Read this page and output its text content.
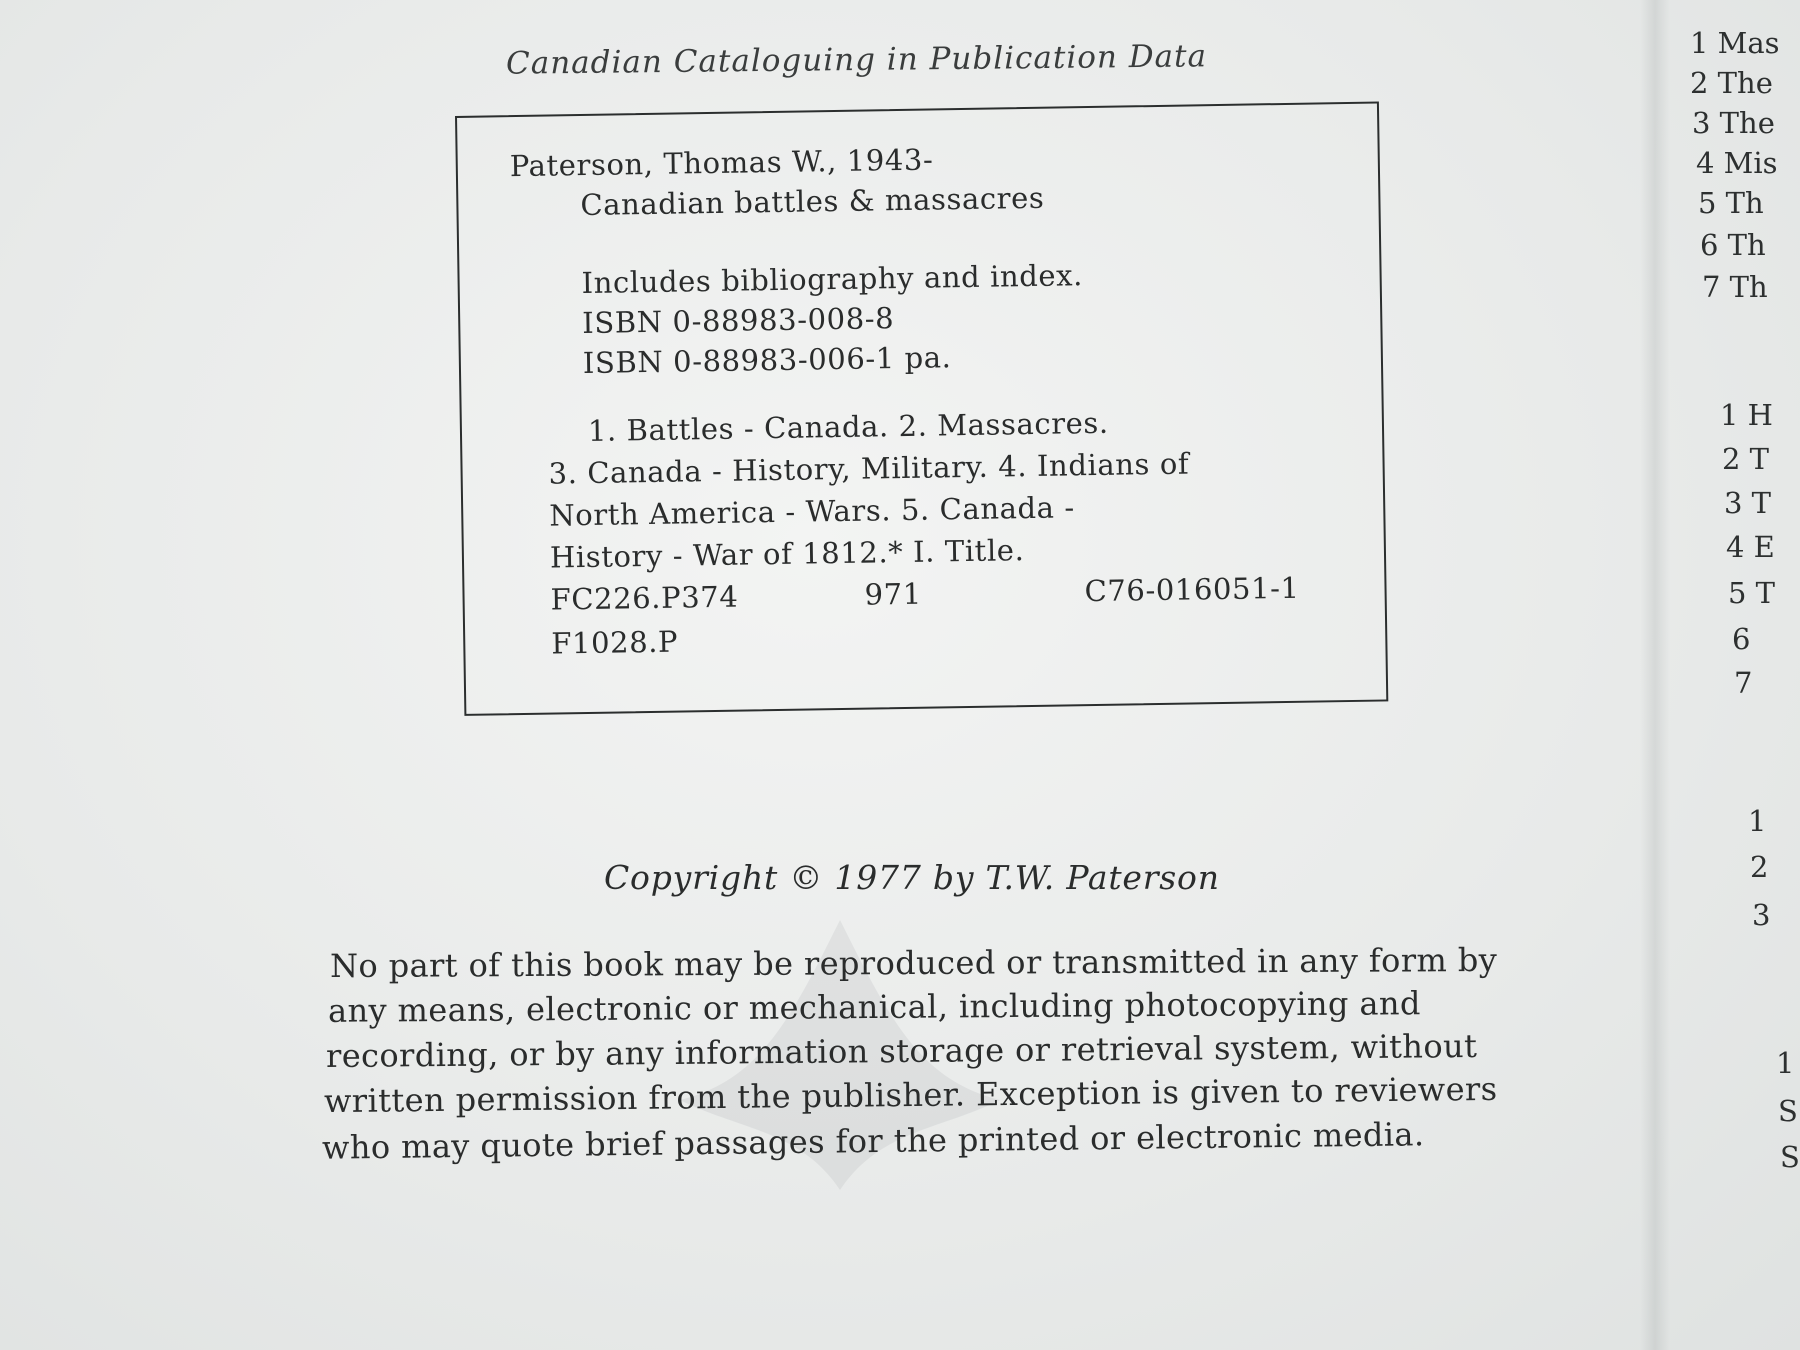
Canadian Cataloguing in Publication Data
Paterson, Thomas W., 1943-
Canadian battles & massacres
Includes bibliography and index.
ISBN 0-88983-008-8
ISBN 0-88983-006-1 pa.
1. Battles - Canada. 2. Massacres.
3. Canada - History, Military. 4. Indians of
North America - Wars. 5. Canada -
History - War of 1812.* I. Title.
FC226.P374	971	C76-016051-1
F1028.P
Copyright © 1977 by T.W. Paterson
No part of this book may be reproduced or transmitted in any form by
any means, electronic or mechanical, including photocopying and
recording, or by any information storage or retrieval system, without
written permission from the publisher. Exception is given to reviewers
who may quote brief passages for the printed or electronic media.
1 Mas
2 The
3 The
4 Mis
5 Th
6 Th
7 Th
1 H
2 T
3 T
4 E
5 T
6
7
1
2
3
1
S
S
